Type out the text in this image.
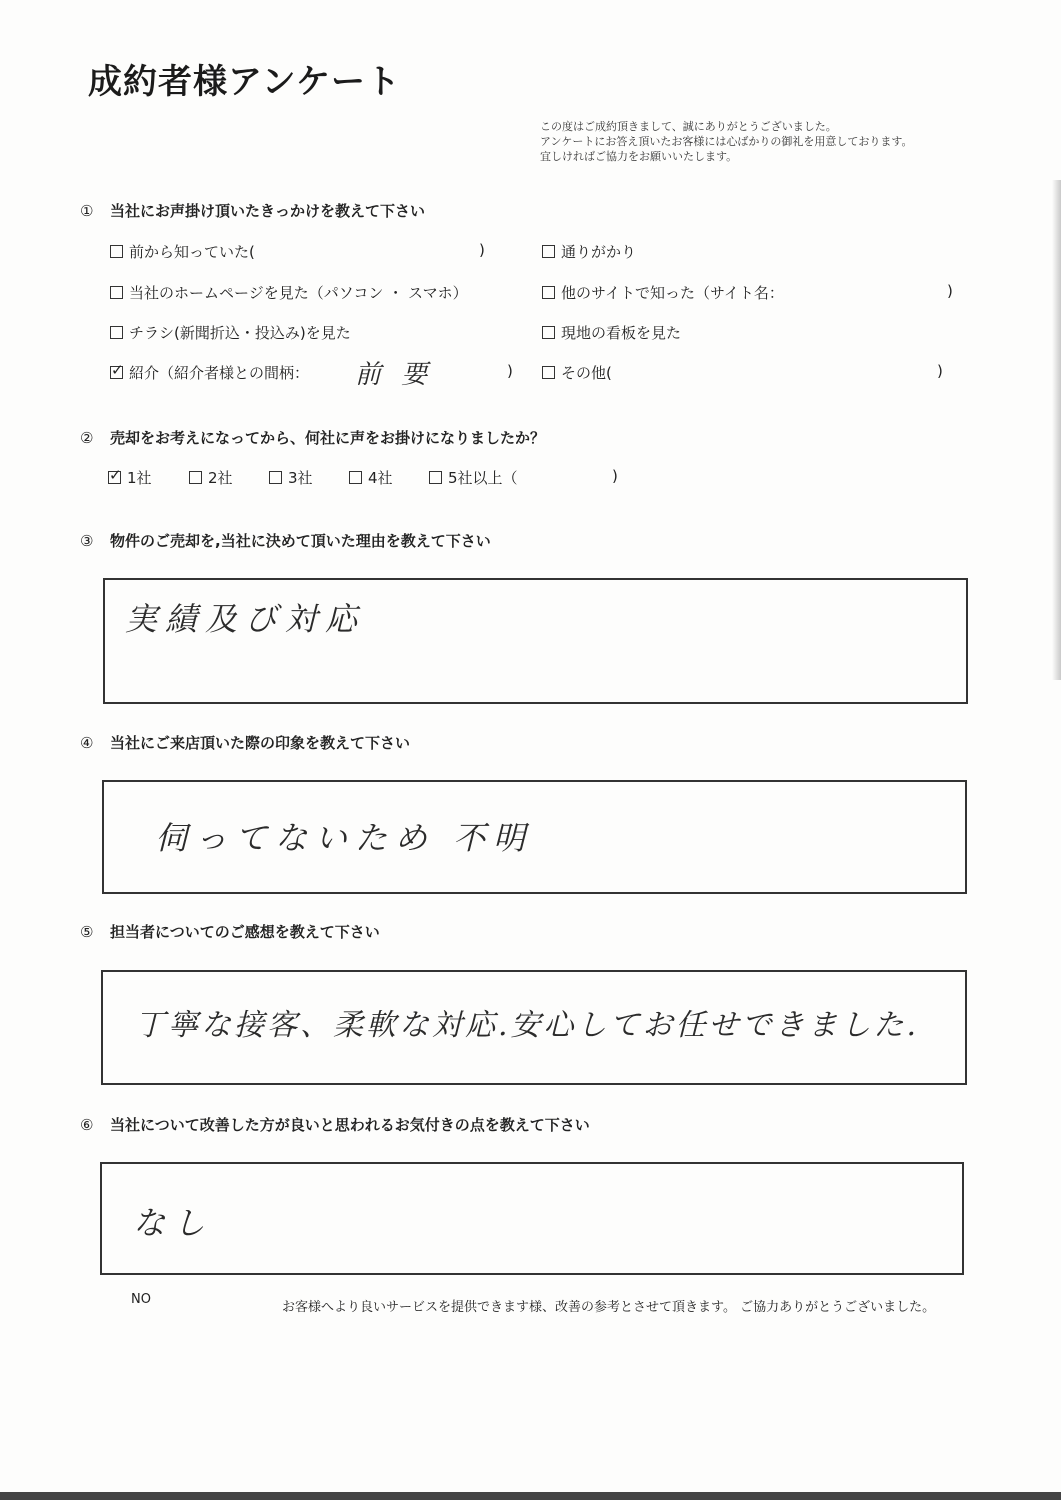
成約者様アンケート
この度はご成約頂きまして、誠にありがとうございました。
アンケートにお答え頂いたお客様には心ばかりの御礼を用意しております。
宜しければご協力をお願いいたします。
① 当社にお声掛け頂いたきっかけを教えて下さい
前から知っていた(	)	通りがかり
当社のホームページを見た（パソコン ・ スマホ）	他のサイトで知った（サイト名：	)
チラシ(新聞折込・投込み)を見た	現地の看板を見た
✓紹介（紹介者様との間柄： 前 要	)	その他(	)
② 売却をお考えになってから、何社に声をお掛けになりましたか？
✓1社	2社	3社	4社	5社以上（	)
③ 物件のご売却を,当社に決めて頂いた理由を教えて下さい
実績及び対応
④ 当社にご来店頂いた際の印象を教えて下さい
伺ってないため 不明
⑤ 担当者についてのご感想を教えて下さい
丁寧な接客、柔軟な対応.安心してお任せできました.
⑥ 当社について改善した方が良いと思われるお気付きの点を教えて下さい
なし
NO
お客様へより良いサービスを提供できます様、改善の参考とさせて頂きます。 ご協力ありがとうございました。
